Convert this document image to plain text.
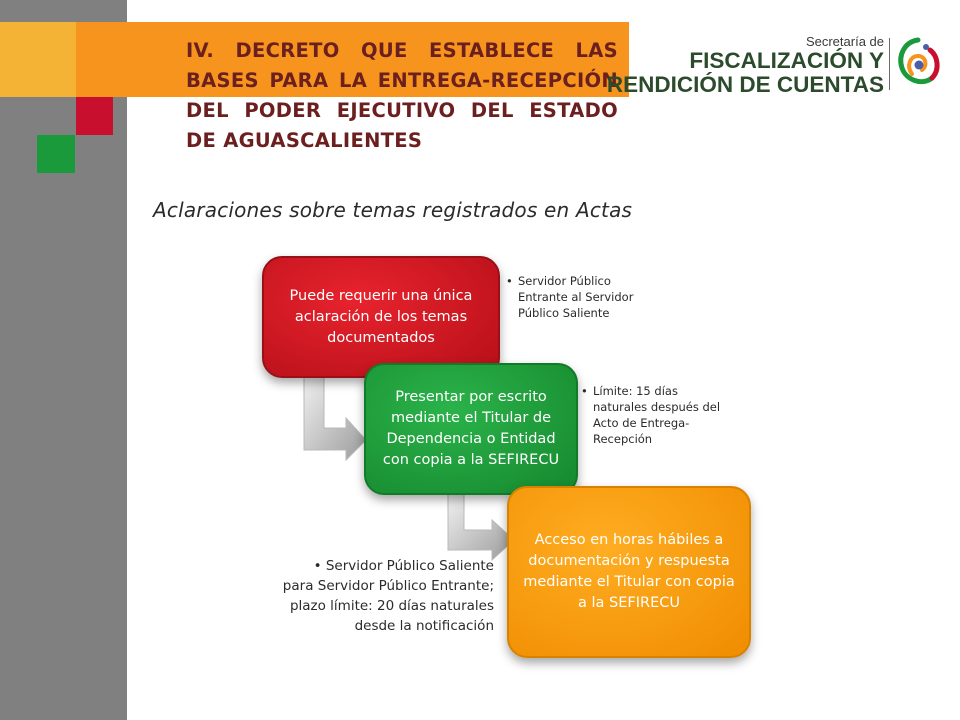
IV. DECRETO QUE ESTABLECE LAS BASES PARA LA ENTREGA-RECEPCIÓN DEL PODER EJECUTIVO DEL ESTADO DE AGUASCALIENTES
Secretaría de
FISCALIZACIÓN Y
RENDICIÓN DE CUENTAS

Aclaraciones sobre temas registrados en Actas

Puede requerir una única aclaración de los temas documentados
• Servidor Público Entrante al Servidor Público Saliente
Presentar por escrito mediante el Titular de Dependencia o Entidad con copia a la SEFIRECU
• Límite: 15 días naturales después del Acto de Entrega-Recepción
Acceso en horas hábiles a documentación y respuesta mediante el Titular con copia a la SEFIRECU
• Servidor Público Saliente para Servidor Público Entrante; plazo límite: 20 días naturales desde la notificación
